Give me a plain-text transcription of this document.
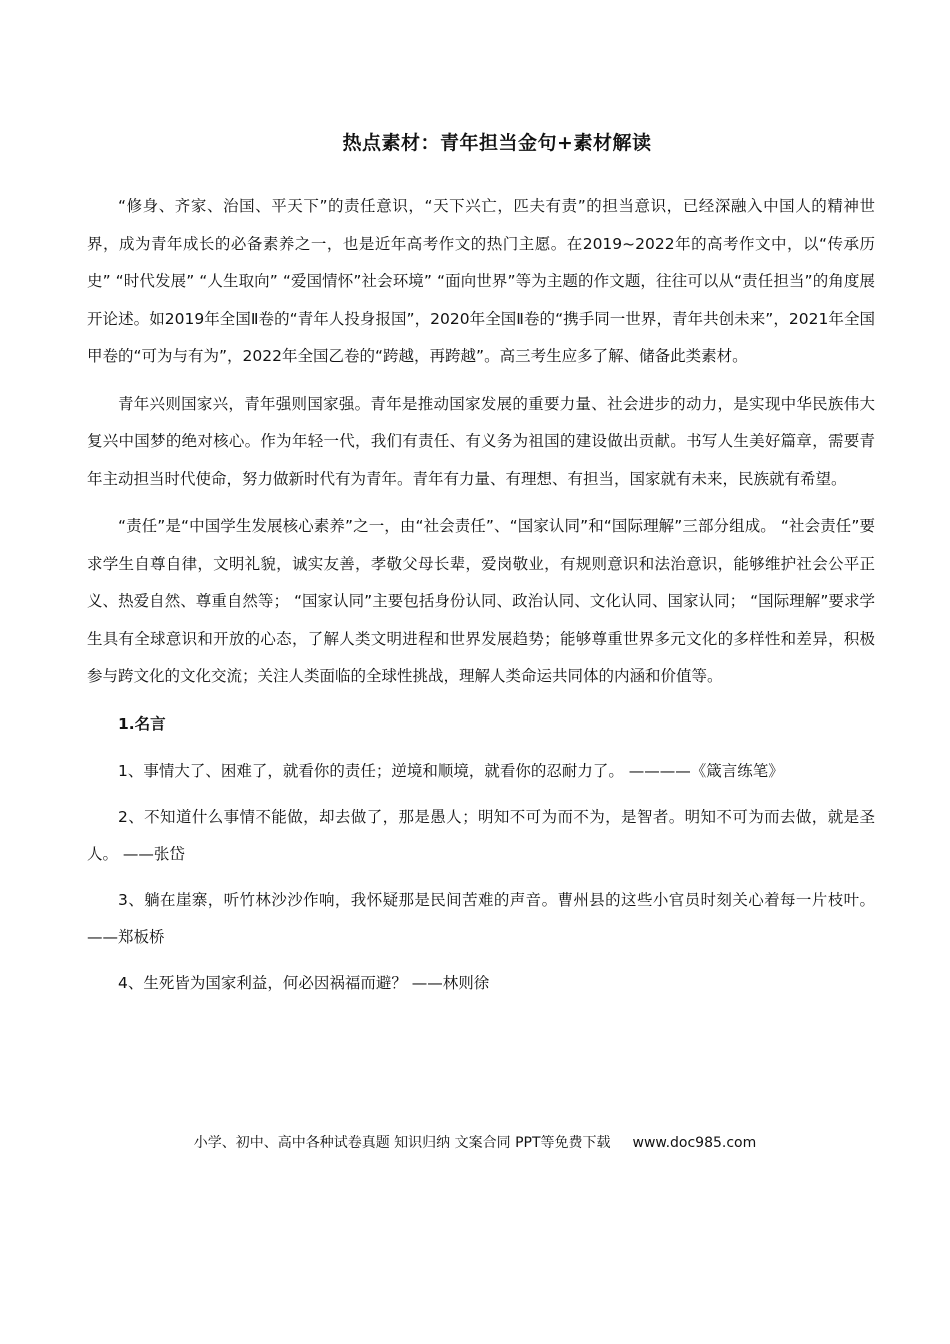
热点素材：青年担当金句+素材解读

“修身、齐家、治国、平天下”的责任意识，“天下兴亡，匹夫有责”的担当意识，已经深融入中国人的精神世界，成为青年成长的必备素养之一，也是近年高考作文的热门主愿。在2019~2022年的高考作文中，以“传承历史” “时代发展” “人生取向” “爱国情怀”社会环境” “面向世界”等为主题的作文题，往往可以从“责任担当”的角度展开论述。如2019年全国Ⅱ卷的“青年人投身报国”，2020年全国Ⅱ卷的“携手同一世界，青年共创未来”，2021年全国甲卷的“可为与有为”，2022年全国乙卷的“跨越，再跨越”。高三考生应多了解、储备此类素材。

青年兴则国家兴，青年强则国家强。青年是推动国家发展的重要力量、社会进步的动力，是实现中华民族伟大复兴中国梦的绝对核心。作为年轻一代，我们有责任、有义务为祖国的建设做出贡献。书写人生美好篇章，需要青年主动担当时代使命，努力做新时代有为青年。青年有力量、有理想、有担当，国家就有未来，民族就有希望。

“责任”是“中国学生发展核心素养”之一，由“社会责任”、“国家认同”和“国际理解”三部分组成。 “社会责任”要求学生自尊自律，文明礼貌，诚实友善，孝敬父母长辈，爱岗敬业，有规则意识和法治意识，能够维护社会公平正义、热爱自然、尊重自然等； “国家认同”主要包括身份认同、政治认同、文化认同、国家认同； “国际理解”要求学生具有全球意识和开放的心态，了解人类文明进程和世界发展趋势；能够尊重世界多元文化的多样性和差异，积极参与跨文化的文化交流；关注人类面临的全球性挑战，理解人类命运共同体的内涵和价值等。

1.名言

1、事情大了、困难了，就看你的责任；逆境和顺境，就看你的忍耐力了。 ————《箴言练笔》

2、不知道什么事情不能做，却去做了，那是愚人；明知不可为而不为，是智者。明知不可为而去做，就是圣人。 ——张岱

3、躺在崖寨，听竹林沙沙作响，我怀疑那是民间苦难的声音。曹州县的这些小官员时刻关心着每一片枝叶。 ——郑板桥

4、生死皆为国家利益，何必因祸福而避？ ——林则徐

小学、初中、高中各种试卷真题 知识归纳 文案合同 PPT等免费下载 www.doc985.com
